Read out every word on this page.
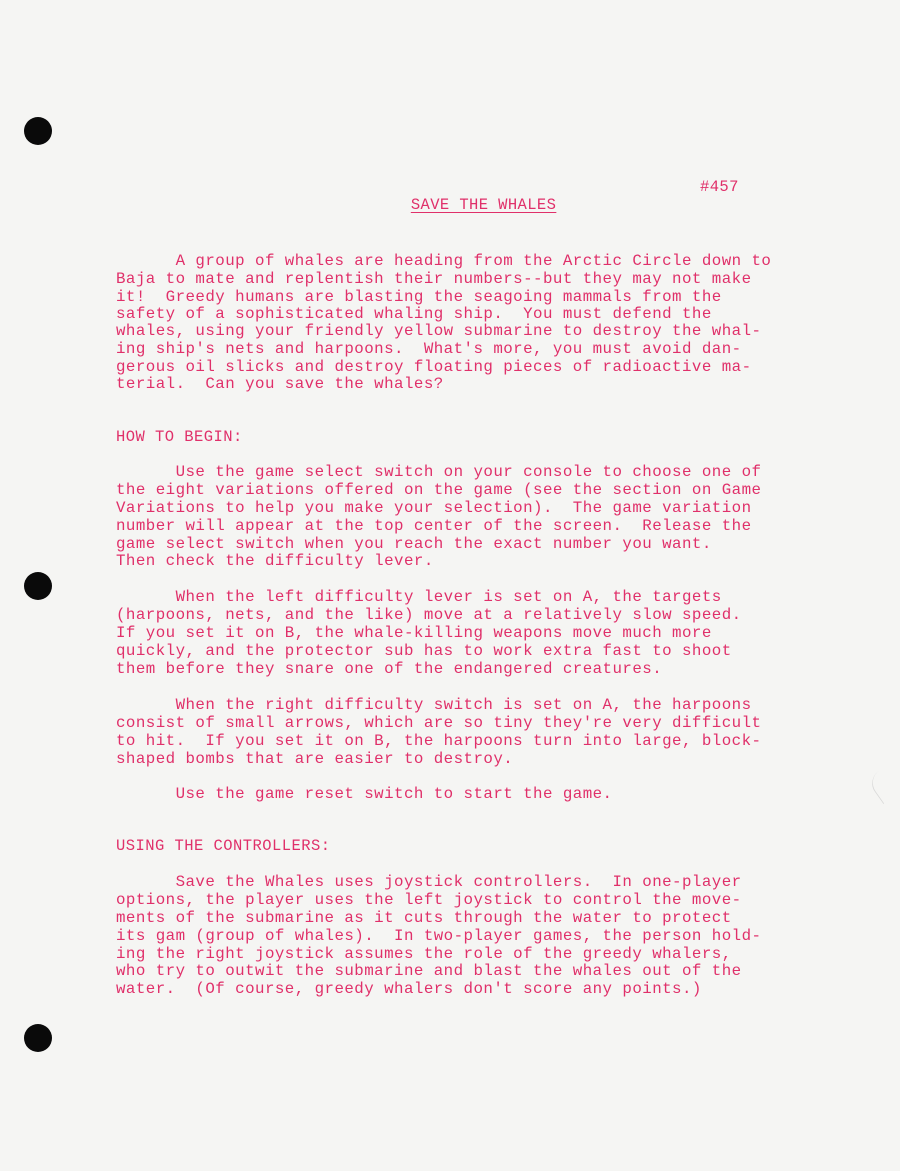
SAVE THE WHALES

#457
A group of whales are heading from the Arctic Circle down to
Baja to mate and replentish their numbers--but they may not make
it!  Greedy humans are blasting the seagoing mammals from the
safety of a sophisticated whaling ship.  You must defend the
whales, using your friendly yellow submarine to destroy the whal-
ing ship's nets and harpoons.  What's more, you must avoid dan-
gerous oil slicks and destroy floating pieces of radioactive ma-
terial.  Can you save the whales?
HOW TO BEGIN:
Use the game select switch on your console to choose one of
the eight variations offered on the game (see the section on Game
Variations to help you make your selection).  The game variation
number will appear at the top center of the screen.  Release the
game select switch when you reach the exact number you want.
Then check the difficulty lever.
When the left difficulty lever is set on A, the targets
(harpoons, nets, and the like) move at a relatively slow speed.
If you set it on B, the whale-killing weapons move much more
quickly, and the protector sub has to work extra fast to shoot
them before they snare one of the endangered creatures.
When the right difficulty switch is set on A, the harpoons
consist of small arrows, which are so tiny they're very difficult
to hit.  If you set it on B, the harpoons turn into large, block-
shaped bombs that are easier to destroy.
Use the game reset switch to start the game.
USING THE CONTROLLERS:
Save the Whales uses joystick controllers.  In one-player
options, the player uses the left joystick to control the move-
ments of the submarine as it cuts through the water to protect
its gam (group of whales).  In two-player games, the person hold-
ing the right joystick assumes the role of the greedy whalers,
who try to outwit the submarine and blast the whales out of the
water.  (Of course, greedy whalers don't score any points.)
